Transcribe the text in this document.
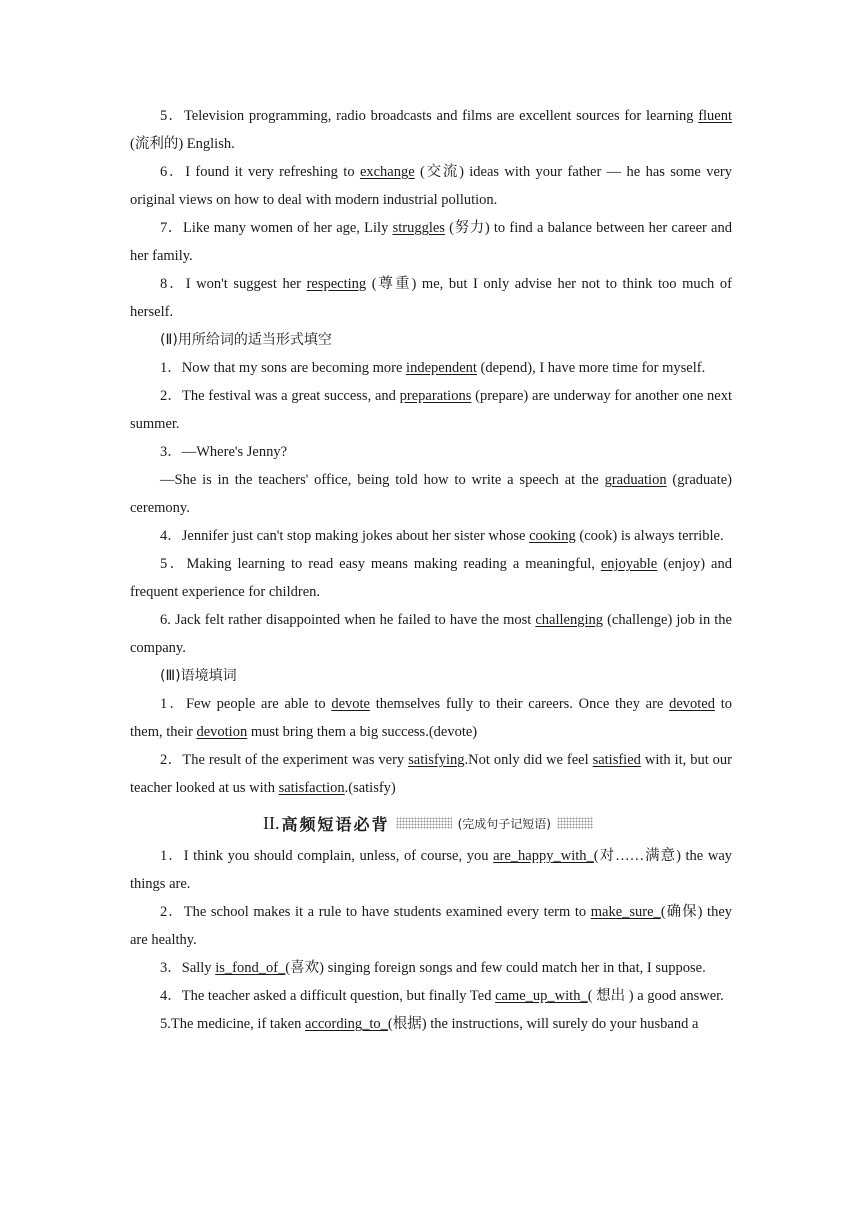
5．Television programming, radio broadcasts and films are excellent sources for learning fluent (流利的) English.

6．I found it very refreshing to exchange (交流) ideas with your father — he has some very original views on how to deal with modern industrial pollution.

7．Like many women of her age, Lily struggles (努力) to find a balance between her career and her family.

8．I won't suggest her respecting (尊重) me, but I only advise her not to think too much of herself.

(Ⅱ)用所给词的适当形式填空

1．Now that my sons are becoming more independent (depend), I have more time for myself.

2．The festival was a great success, and preparations (prepare) are underway for another one next summer.

3．—Where's Jenny?

—She is in the teachers' office, being told how to write a speech at the graduation (graduate) ceremony.

4．Jennifer just can't stop making jokes about her sister whose cooking (cook) is always terrible.

5．Making learning to read easy means making reading a meaningful, enjoyable (enjoy) and frequent experience for children.

6. Jack felt rather disappointed when he failed to have the most challenging (challenge) job in the company.

(Ⅲ)语境填词

1．Few people are able to devote themselves fully to their careers. Once they are devoted to them, their devotion must bring them a big success.(devote)

2．The result of the experiment was very satisfying.Not only did we feel satisfied with it, but our teacher looked at us with satisfaction.(satisfy)

II. 高频短语必背	(完成句子记短语)

1．I think you should complain, unless, of course, you are_happy_with_(对……满意) the way things are.

2．The school makes it a rule to have students examined every term to make_sure_(确保) they are healthy.

3．Sally is_fond_of_(喜欢) singing foreign songs and few could match her in that, I suppose.

4．The teacher asked a difficult question, but finally Ted came_up_with_( 想出 ) a good answer.

5.The medicine, if taken according_to_(根据) the instructions, will surely do your husband a
